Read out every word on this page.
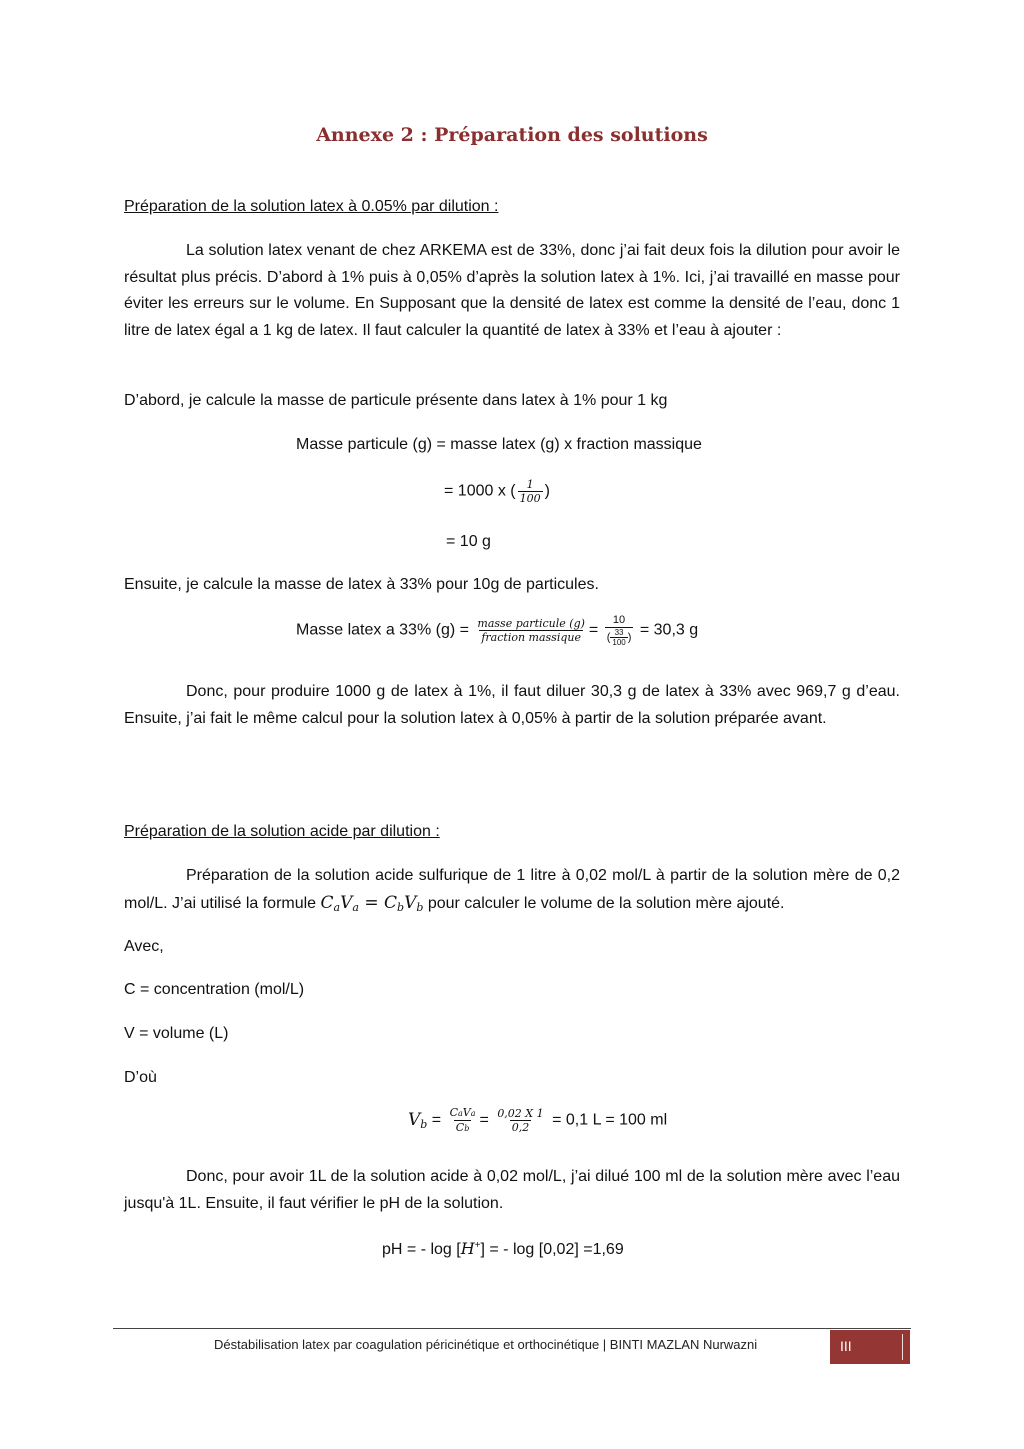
Annexe 2 : Préparation des solutions
Préparation de la solution latex à 0.05% par dilution :

La solution latex venant de chez ARKEMA est de 33%, donc j’ai fait deux fois la dilution pour avoir le résultat plus précis. D’abord à 1% puis à 0,05% d’après la solution latex à 1%. Ici, j’ai travaillé en masse pour éviter les erreurs sur le volume. En Supposant que la densité de latex est comme la densité de l’eau, donc 1 litre de latex égal a 1 kg de latex. Il faut calculer la quantité de latex à 33% et l’eau à ajouter :

D’abord, je calcule la masse de particule présente dans latex à 1% pour 1 kg
Masse particule (g) = masse latex (g) x fraction massique
= 1000 x ( $\frac{1}{100}$ )
= 10 g
Ensuite, je calcule la masse de latex à 33% pour 10g de particules.
Masse latex a 33% $(g) = \frac{\text{masse particule (g)}}{\text{fraction massique}} = \frac{10}{( \frac{33}{100} )} = 30,3$ g

Donc, pour produire 1000 g de latex à 1%, il faut diluer 30,3 g de latex à 33% avec 969,7 g d’eau. Ensuite, j’ai fait le même calcul pour la solution latex à 0,05% à partir de la solution préparée avant.

Préparation de la solution acide par dilution :

Préparation de la solution acide sulfurique de 1 litre à 0,02 mol/L à partir de la solution mère de 0,2 mol/L. J’ai utilisé la formule $C_aV_a = C_bV_b$ pour calculer le volume de la solution mère ajouté.

Avec,
C = concentration (mol/L)
V = volume (L)
D’où
$V_b = \frac{\text{CaVa}}{Cb} = \frac{0,02 X 1}{0,2} = 0,1$ L = 100 ml

Donc, pour avoir 1L de la solution acide à 0,02 mol/L, j’ai dilué 100 ml de la solution mère avec l’eau jusqu'à 1L. Ensuite, il faut vérifier le pH de la solution.

pH = - log [H+] = - log [0,02] =1,69
Déstabilisation latex par coagulation péricinétique et orthocinétique | BINTI MAZLAN Nurwazni	III
